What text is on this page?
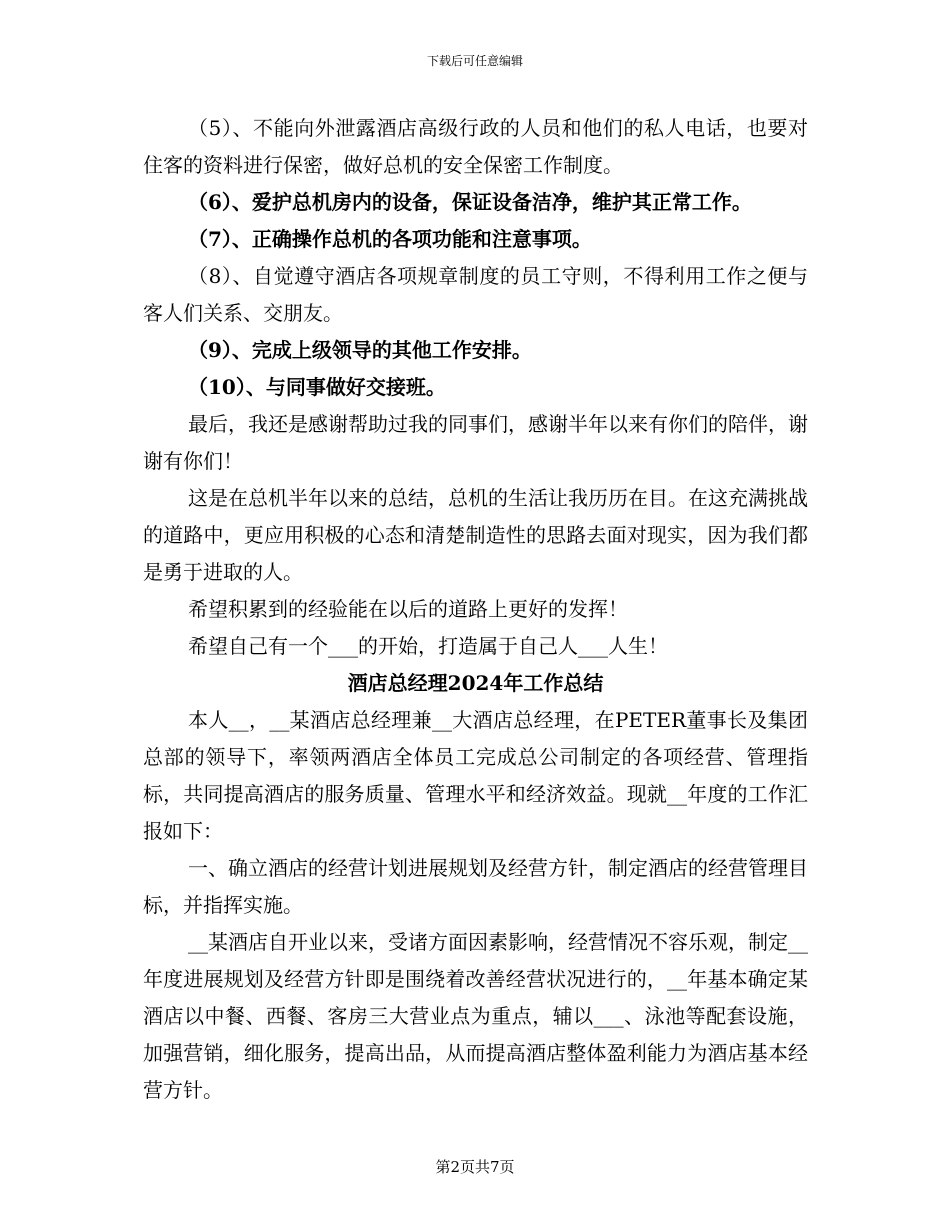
下载后可任意编辑

（5）、不能向外泄露酒店高级行政的人员和他们的私人电话，也要对住客的资料进行保密，做好总机的安全保密工作制度。

（6）、爱护总机房内的设备，保证设备洁净，维护其正常工作。

（7）、正确操作总机的各项功能和注意事项。

（8）、自觉遵守酒店各项规章制度的员工守则，不得利用工作之便与客人们关系、交朋友。

（9）、完成上级领导的其他工作安排。

（10）、与同事做好交接班。

最后，我还是感谢帮助过我的同事们，感谢半年以来有你们的陪伴，谢谢有你们！

这是在总机半年以来的总结，总机的生活让我历历在目。在这充满挑战的道路中，更应用积极的心态和清楚制造性的思路去面对现实，因为我们都是勇于进取的人。

希望积累到的经验能在以后的道路上更好的发挥！

希望自己有一个___的开始，打造属于自己人___人生！

酒店总经理2024年工作总结

本人__，__某酒店总经理兼__大酒店总经理，在PETER董事长及集团总部的领导下，率领两酒店全体员工完成总公司制定的各项经营、管理指标，共同提高酒店的服务质量、管理水平和经济效益。现就__年度的工作汇报如下：

一、确立酒店的经营计划进展规划及经营方针，制定酒店的经营管理目标，并指挥实施。

__某酒店自开业以来，受诸方面因素影响，经营情况不容乐观，制定__年度进展规划及经营方针即是围绕着改善经营状况进行的，__年基本确定某酒店以中餐、西餐、客房三大营业点为重点，辅以___、泳池等配套设施，加强营销，细化服务，提高出品，从而提高酒店整体盈利能力为酒店基本经营方针。

第2页共7页
